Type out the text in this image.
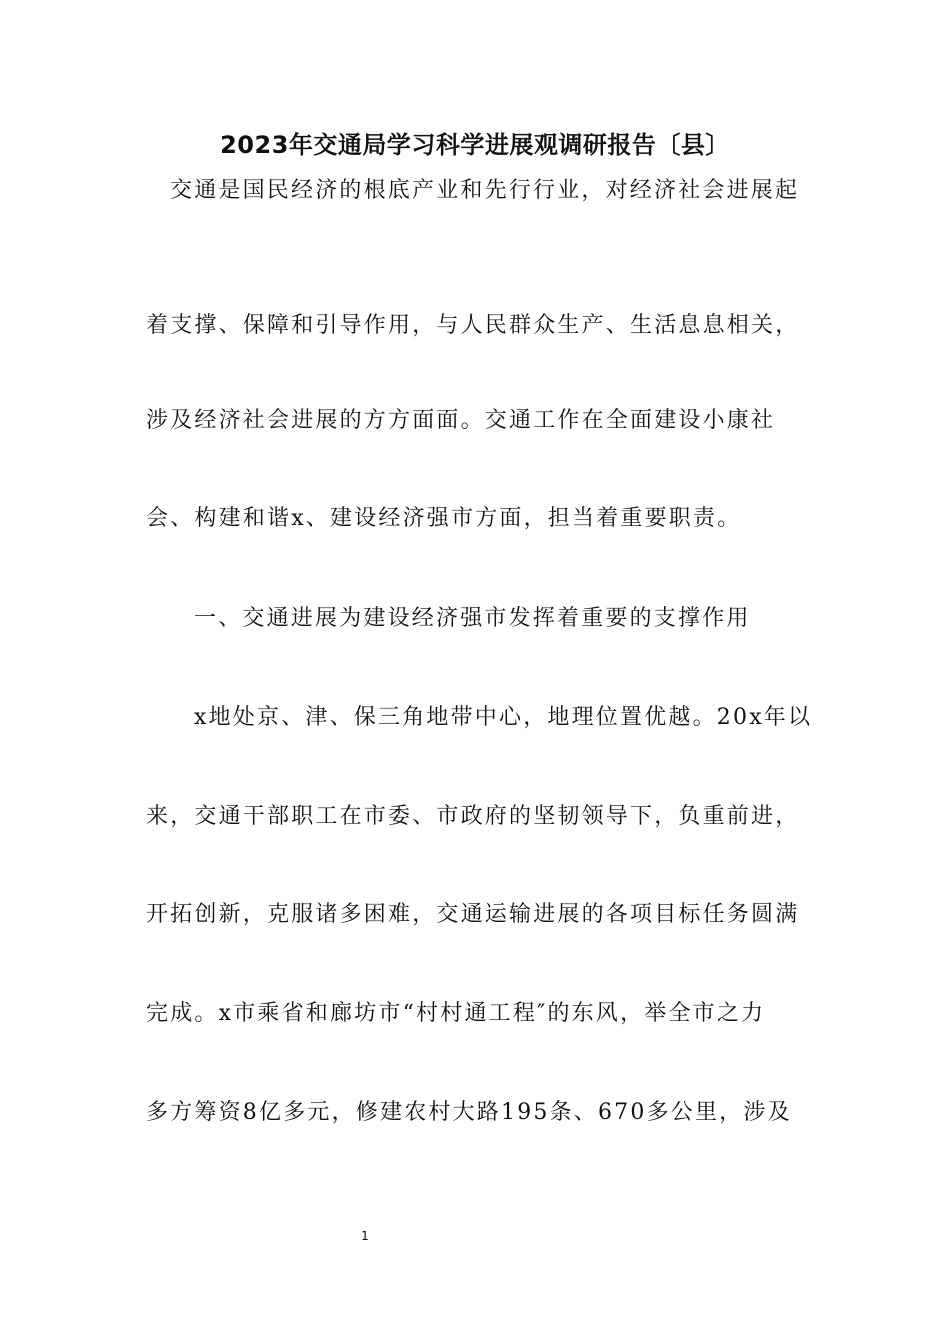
2023年交通局学习科学进展观调研报告〔县〕
交通是国民经济的根底产业和先行行业，对经济社会进展起
着支撑、保障和引导作用，与人民群众生产、生活息息相关，
涉及经济社会进展的方方面面。交通工作在全面建设小康社
会、构建和谐x、建设经济强市方面，担当着重要职责。
一、交通进展为建设经济强市发挥着重要的支撑作用
x地处京、津、保三角地带中心，地理位置优越。20x年以
来，交通干部职工在市委、市政府的坚韧领导下，负重前进，
开拓创新，克服诸多困难，交通运输进展的各项目标任务圆满
完成。x市乘省和廊坊市“村村通工程″的东风，举全市之力
多方筹资8亿多元，修建农村大路195条、670多公里，涉及
1
